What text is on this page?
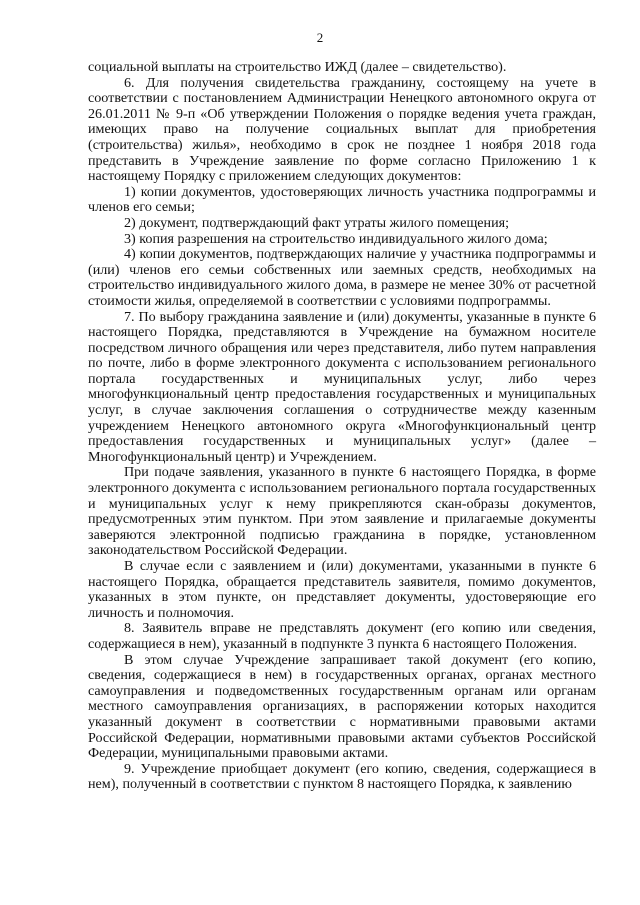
2

социальной выплаты на строительство ИЖД (далее – свидетельство).

6. Для получения свидетельства гражданину, состоящему на учете в соответствии с постановлением Администрации Ненецкого автономного округа от 26.01.2011 № 9-п «Об утверждении Положения о порядке ведения учета граждан, имеющих право на получение социальных выплат для приобретения (строительства) жилья», необходимо в срок не позднее 1 ноября 2018 года представить в Учреждение заявление по форме согласно Приложению 1 к настоящему Порядку с приложением следующих документов:

1) копии документов, удостоверяющих личность участника подпрограммы и членов его семьи;

2) документ, подтверждающий факт утраты жилого помещения;

3) копия разрешения на строительство индивидуального жилого дома;

4) копии документов, подтверждающих наличие у участника подпрограммы и (или) членов его семьи собственных или заемных средств, необходимых на строительство индивидуального жилого дома, в размере не менее 30% от расчетной стоимости жилья, определяемой в соответствии с условиями подпрограммы.

7. По выбору гражданина заявление и (или) документы, указанные в пункте 6 настоящего Порядка, представляются в Учреждение на бумажном носителе посредством личного обращения или через представителя, либо путем направления по почте, либо в форме электронного документа с использованием регионального портала государственных и муниципальных услуг, либо через многофункциональный центр предоставления государственных и муниципальных услуг, в случае заключения соглашения о сотрудничестве между казенным учреждением Ненецкого автономного округа «Многофункциональный центр предоставления государственных и муниципальных услуг» (далее – Многофункциональный центр) и Учреждением.

При подаче заявления, указанного в пункте 6 настоящего Порядка, в форме электронного документа с использованием регионального портала государственных и муниципальных услуг к нему прикрепляются скан-образы документов, предусмотренных этим пунктом. При этом заявление и прилагаемые документы заверяются электронной подписью гражданина в порядке, установленном законодательством Российской Федерации.

В случае если с заявлением и (или) документами, указанными в пункте 6 настоящего Порядка, обращается представитель заявителя, помимо документов, указанных в этом пункте, он представляет документы, удостоверяющие его личность и полномочия.

8. Заявитель вправе не представлять документ (его копию или сведения, содержащиеся в нем), указанный в подпункте 3 пункта 6 настоящего Положения.

В этом случае Учреждение запрашивает такой документ (его копию, сведения, содержащиеся в нем) в государственных органах, органах местного самоуправления и подведомственных государственным органам или органам местного самоуправления организациях, в распоряжении которых находится указанный документ в соответствии с нормативными правовыми актами Российской Федерации, нормативными правовыми актами субъектов Российской Федерации, муниципальными правовыми актами.

9. Учреждение приобщает документ (его копию, сведения, содержащиеся в нем), полученный в соответствии с пунктом 8 настоящего Порядка, к заявлению
